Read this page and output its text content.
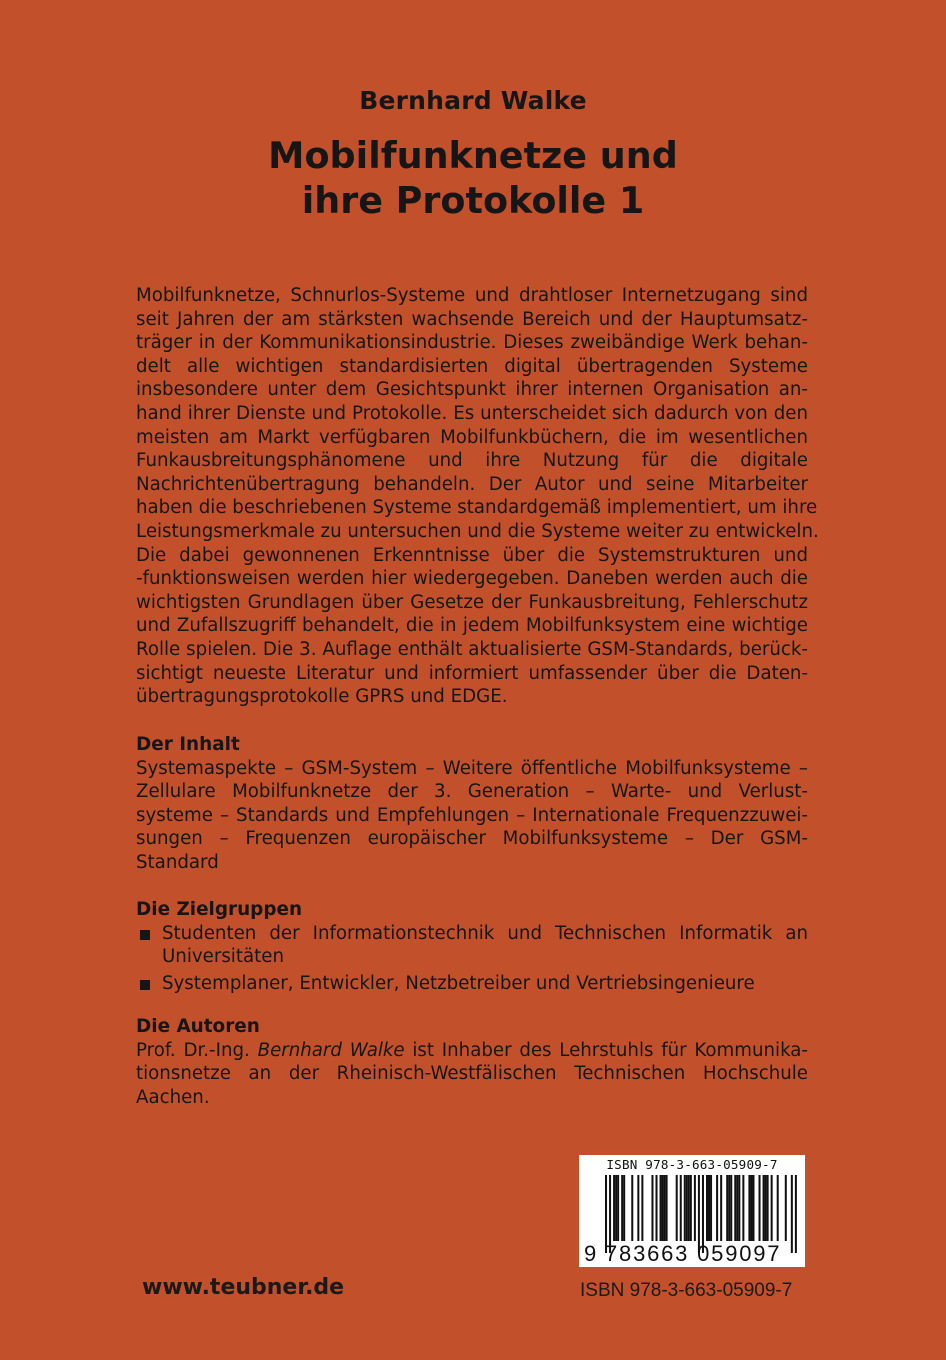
Bernhard Walke
Mobilfunknetze und
ihre Protokolle 1
Mobilfunknetze, Schnurlos-Systeme und drahtloser Internetzugang sind
seit Jahren der am stärksten wachsende Bereich und der Hauptumsatz-
träger in der Kommunikationsindustrie. Dieses zweibändige Werk behan-
delt alle wichtigen standardisierten digital übertragenden Systeme
insbesondere unter dem Gesichtspunkt ihrer internen Organisation an-
hand ihrer Dienste und Protokolle. Es unterscheidet sich dadurch von den
meisten am Markt verfügbaren Mobilfunkbüchern, die im wesentlichen
Funkausbreitungsphänomene und ihre Nutzung für die digitale
Nachrichtenübertragung behandeln. Der Autor und seine Mitarbeiter
haben die beschriebenen Systeme standardgemäß implementiert, um ihre
Leistungsmerkmale zu untersuchen und die Systeme weiter zu entwickeln.
Die dabei gewonnenen Erkenntnisse über die Systemstrukturen und
-funktionsweisen werden hier wiedergegeben. Daneben werden auch die
wichtigsten Grundlagen über Gesetze der Funkausbreitung, Fehlerschutz
und Zufallszugriff behandelt, die in jedem Mobilfunksystem eine wichtige
Rolle spielen. Die 3. Auflage enthält aktualisierte GSM-Standards, berück-
sichtigt neueste Literatur und informiert umfassender über die Daten-
übertragungsprotokolle GPRS und EDGE.
Der Inhalt
Systemaspekte – GSM-System – Weitere öffentliche Mobilfunksysteme –
Zellulare Mobilfunknetze der 3. Generation – Warte- und Verlust-
systeme – Standards und Empfehlungen – Internationale Frequenzzuwei-
sungen – Frequenzen europäischer Mobilfunksysteme – Der GSM-
Standard
Die Zielgruppen
Studenten der Informationstechnik und Technischen Informatik an
Universitäten
Systemplaner, Entwickler, Netzbetreiber und Vertriebsingenieure
Die Autoren
Prof. Dr.-Ing. Bernhard Walke ist Inhaber des Lehrstuhls für Kommunika-
tionsnetze an der Rheinisch-Westfälischen Technischen Hochschule
Aachen.
ISBN 978-3-663-05909-7
9 783663 059097
ISBN 978-3-663-05909-7
www.teubner.de
